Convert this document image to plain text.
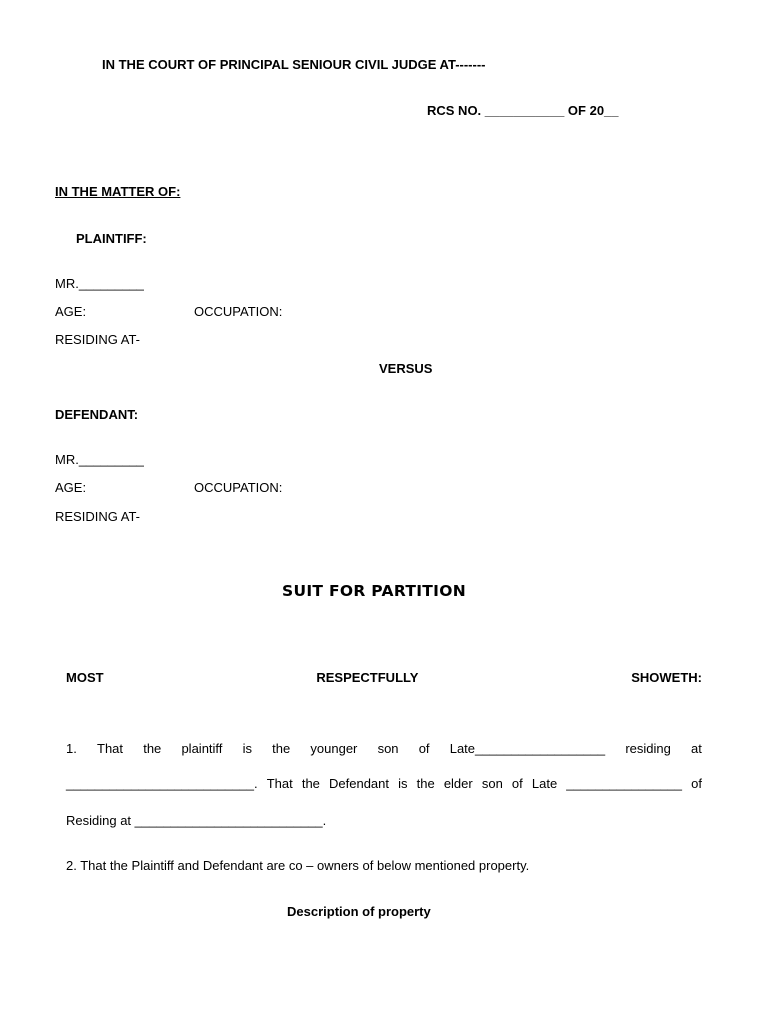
IN THE COURT OF PRINCIPAL SENIOUR CIVIL JUDGE AT-------
RCS NO. ___________ OF 20__
IN THE MATTER OF:
PLAINTIFF:
MR._________
AGE:	OCCUPATION:
RESIDING AT-
VERSUS
DEFENDANT:
MR._________
AGE:	OCCUPATION:
RESIDING AT-
SUIT FOR PARTITION
MOST	RESPECTFULLY	SHOWETH:
1. That the plaintiff is the younger son of Late__________________ residing at
__________________________. That the Defendant is the elder son of Late ________________ of
Residing at __________________________.
2. That the Plaintiff and Defendant are co – owners of below mentioned property.
Description of property
